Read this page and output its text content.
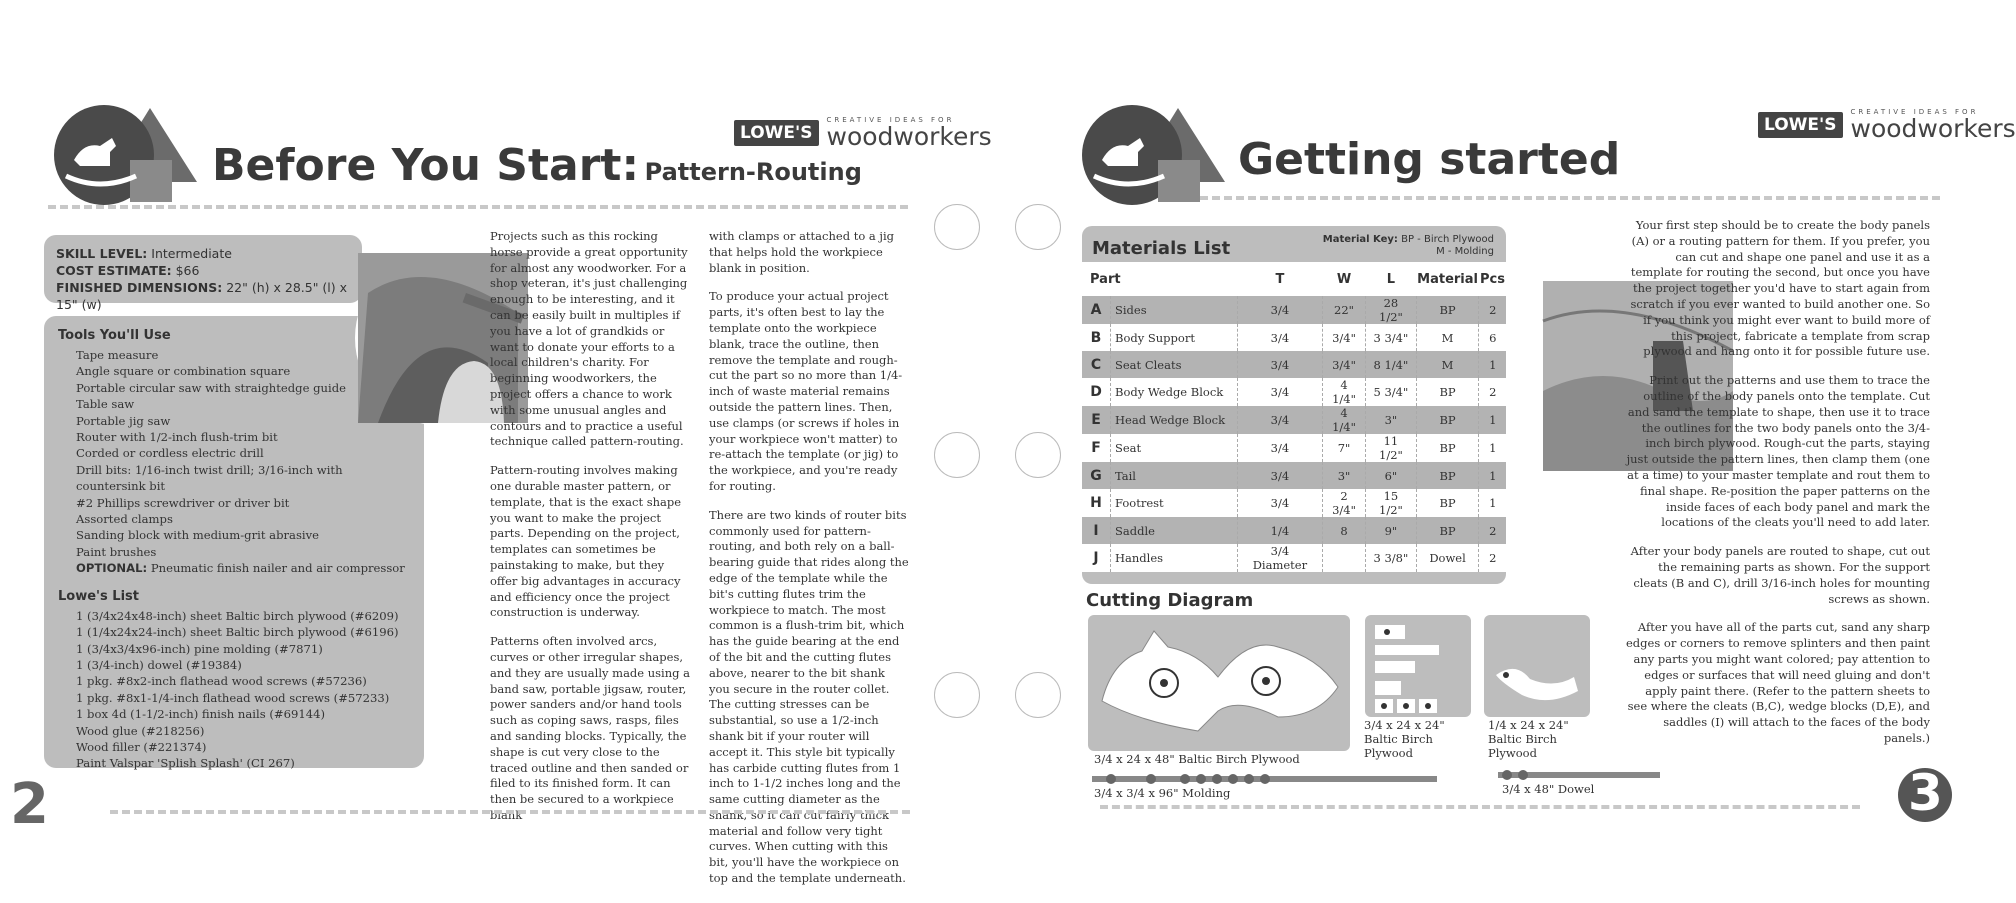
Before You Start: Pattern-Routing
LOWE'S
CREATIVE IDEAS FOR
woodworkers
SKILL LEVEL: Intermediate
COST ESTIMATE: $66
FINISHED DIMENSIONS: 22" (h) x 28.5" (l) x 15" (w)
Tools You'll Use
Tape measure
Angle square or combination square
Portable circular saw with straightedge guide
Table saw
Portable jig saw
Router with 1/2-inch flush-trim bit
Corded or cordless electric drill
Drill bits: 1/16-inch twist drill; 3/16-inch with countersink bit
#2 Phillips screwdriver or driver bit
Assorted clamps
Sanding block with medium-grit abrasive
Paint brushes
OPTIONAL: Pneumatic finish nailer and air compressor
Lowe's List
1 (3/4x24x48-inch) sheet Baltic birch plywood (#6209)
1 (1/4x24x24-inch) sheet Baltic birch plywood (#6196)
1 (3/4x3/4x96-inch) pine molding (#7871)
1 (3/4-inch) dowel (#19384)
1 pkg. #8x2-inch flathead wood screws (#57236)
1 pkg. #8x1-1/4-inch flathead wood screws (#57233)
1 box 4d (1-1/2-inch) finish nails (#69144)
Wood glue (#218256)
Wood filler (#221374)
Paint Valspar 'Splish Splash' (CI 267)

Projects such as this rocking horse provide a great opportunity for almost any woodworker. For a shop veteran, it's just challenging enough to be interesting, and it can be easily built in multiples if you have a lot of grandkids or want to donate your efforts to a local children's charity. For beginning woodworkers, the project offers a chance to work with some unusual angles and contours and to practice a useful technique called pattern-routing.

Pattern-routing involves making one durable master pattern, or template, that is the exact shape you want to make the project parts. Depending on the project, templates can sometimes be painstaking to make, but they offer big advantages in accuracy and efficiency once the project construction is underway.

Patterns often involved arcs, curves or other irregular shapes, and they are usually made using a band saw, portable jigsaw, router, power sanders and/or hand tools such as coping saws, rasps, files and sanding blocks. Typically, the shape is cut very close to the traced outline and then sanded or filed to its finished form. It can then be secured to a workpiece blank

with clamps or attached to a jig that helps hold the workpiece blank in position.

To produce your actual project parts, it's often best to lay the template onto the workpiece blank, trace the outline, then remove the template and rough-cut the part so no more than 1/4- inch of waste material remains outside the pattern lines. Then, use clamps (or screws if holes in your workpiece won't matter) to re-attach the template (or jig) to the workpiece, and you're ready for routing.

There are two kinds of router bits commonly used for pattern-routing, and both rely on a ball-bearing guide that rides along the edge of the template while the bit's cutting flutes trim the workpiece to match. The most common is a flush-trim bit, which has the guide bearing at the end of the bit and the cutting flutes above, nearer to the bit shank you secure in the router collet. The cutting stresses can be substantial, so use a 1/2-inch shank bit if your router will accept it. This style bit typically has carbide cutting flutes from 1 inch to 1-1/2 inches long and the same cutting diameter as the shank, so it can cut fairly thick material and follow very tight curves. When cutting with this bit, you'll have the workpiece on top and the template underneath.

2
Getting started
LOWE'S
CREATIVE IDEAS FOR
woodworkers
Materials List	Material Key: BP - Birch Plywood
M - Molding
Part		T	W	L	Material	Pcs
A	Sides	3/4	22"	28 1/2"	BP	2
B	Body Support	3/4	3/4"	3 3/4"	M	6
C	Seat Cleats	3/4	3/4"	8 1/4"	M	1
D	Body Wedge Block	3/4	4 1/4"	5 3/4"	BP	2
E	Head Wedge Block	3/4	4 1/4"	3"	BP	1
F	Seat	3/4	7"	11 1/2"	BP	1
G	Tail	3/4	3"	6"	BP	1
H	Footrest	3/4	2 3/4"	15 1/2"	BP	1
I	Saddle	1/4	8	9"	BP	2
J	Handles	3/4 Diameter		3 3/8"	Dowel	2
Cutting Diagram
3/4 x 24 x 48" Baltic Birch Plywood
3/4 x 24 x 24" Baltic Birch Plywood
1/4 x 24 x 24" Baltic Birch Plywood
3/4 x 3/4 x 96" Molding	3/4 x 48" Dowel

Your first step should be to create the body panels (A) or a routing pattern for them. If you prefer, you can cut and shape one panel and use it as a template for routing the second, but once you have the project together you'd have to start again from scratch if you ever wanted to build another one. So if you think you might ever want to build more of this project, fabricate a template from scrap plywood and hang onto it for possible future use.

Print out the patterns and use them to trace the outline of the body panels onto the template. Cut and sand the template to shape, then use it to trace the outlines for the two body panels onto the 3/4-inch birch plywood. Rough-cut the parts, staying just outside the pattern lines, then clamp them (one at a time) to your master template and rout them to final shape. Re-position the paper patterns on the inside faces of each body panel and mark the locations of the cleats you'll need to add later.

After your body panels are routed to shape, cut out the remaining parts as shown. For the support cleats (B and C), drill 3/16-inch holes for mounting screws as shown.

After you have all of the parts cut, sand any sharp edges or corners to remove splinters and then paint any parts you might want colored; pay attention to edges or surfaces that will need gluing and don't apply paint there. (Refer to the pattern sheets to see where the cleats (B,C), wedge blocks (D,E), and saddles (I) will attach to the faces of the body panels.)

3
